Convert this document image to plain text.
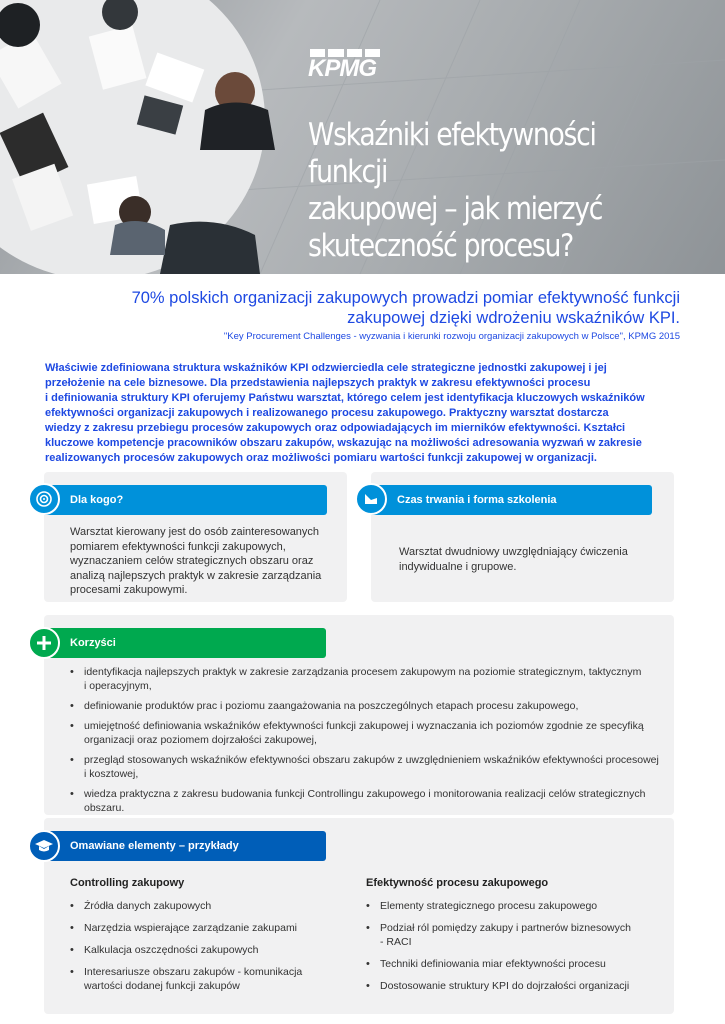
KPMG
Wskaźniki efektywności funkcji
zakupowej – jak mierzyć
skuteczność procesu?
70% polskich organizacji zakupowych prowadzi pomiar efektywność funkcji
zakupowej dzięki wdrożeniu wskaźników KPI.
"Key Procurement Challenges - wyzwania i kierunki rozwoju organizacji zakupowych w Polsce", KPMG 2015
Właściwie zdefiniowana struktura wskaźników KPI odzwierciedla cele strategiczne jednostki zakupowej i jej
przełożenie na cele biznesowe. Dla przedstawienia najlepszych praktyk w zakresu efektywności procesu
i definiowania struktury KPI oferujemy Państwu warsztat, którego celem jest identyfikacja kluczowych wskaźników
efektywności organizacji zakupowych i realizowanego procesu zakupowego. Praktyczny warsztat dostarcza
wiedzy z zakresu przebiegu procesów zakupowych oraz odpowiadających im mierników efektywności. Kształci
kluczowe kompetencje pracowników obszaru zakupów, wskazując na możliwości adresowania wyzwań w zakresie
realizowanych procesów zakupowych oraz możliwości pomiaru wartości funkcji zakupowej w organizacji.
Dla kogo?
Warsztat kierowany jest do osób zainteresowanych
pomiarem efektywności funkcji zakupowych,
wyznaczaniem celów strategicznych obszaru oraz
analizą najlepszych praktyk w zakresie zarządzania
procesami zakupowymi.
Czas trwania i forma szkolenia
Warsztat dwudniowy uwzględniający ćwiczenia
indywidualne i grupowe.
Korzyści
• identyfikacja najlepszych praktyk w zakresie zarządzania procesem zakupowym na poziomie strategicznym, taktycznym
i operacyjnym,
• definiowanie produktów prac i poziomu zaangażowania na poszczególnych etapach procesu zakupowego,
• umiejętność definiowania wskaźników efektywności funkcji zakupowej i wyznaczania ich poziomów zgodnie ze specyfiką
organizacji oraz poziomem dojrzałości zakupowej,
• przegląd stosowanych wskaźników efektywności obszaru zakupów z uwzględnieniem wskaźników efektywności procesowej
i kosztowej,
• wiedza praktyczna z zakresu budowania funkcji Controllingu zakupowego i monitorowania realizacji celów strategicznych
obszaru.
Omawiane elementy – przykłady
Controlling zakupowy
• Źródła danych zakupowych
• Narzędzia wspierające zarządzanie zakupami
• Kalkulacja oszczędności zakupowych
• Interesariusze obszaru zakupów - komunikacja
wartości dodanej funkcji zakupów
Efektywność procesu zakupowego
• Elementy strategicznego procesu zakupowego
• Podział ról pomiędzy zakupy i partnerów biznesowych
- RACI
• Techniki definiowania miar efektywności procesu
• Dostosowanie struktury KPI do dojrzałości organizacji
